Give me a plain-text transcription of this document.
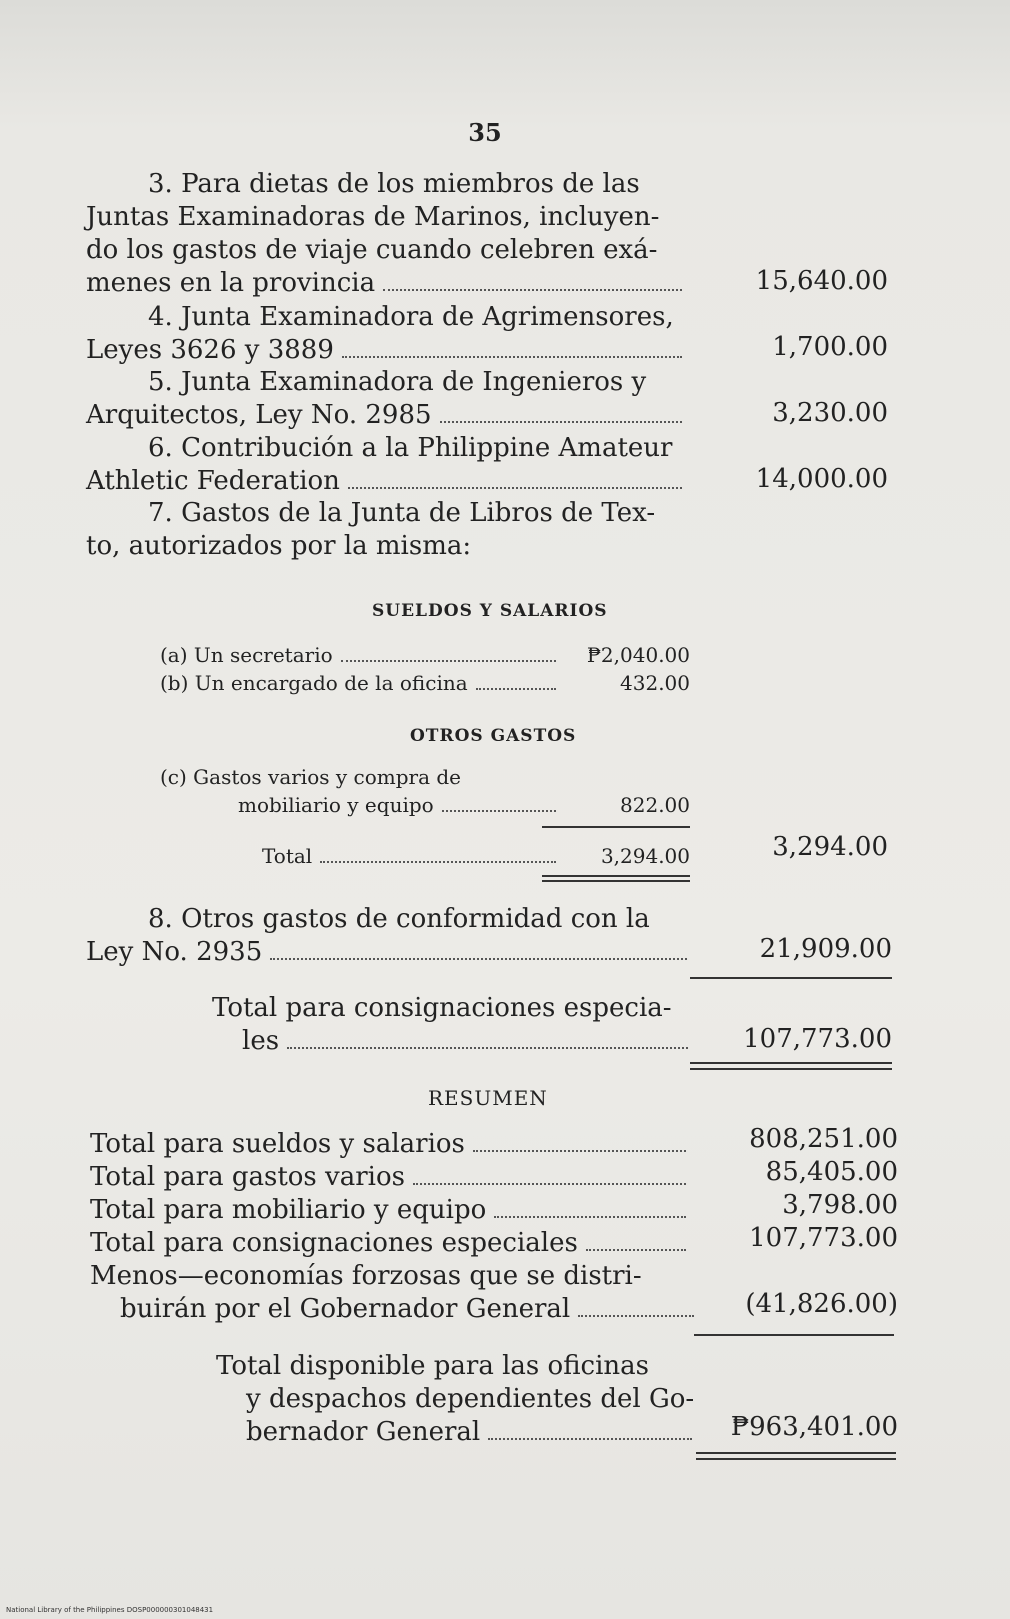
35

3. Para dietas de los miembros de las

Juntas Examinadoras de Marinos, incluyen-

do los gastos de viaje cuando celebren exá-

menes en la provincia	15,640.00

4. Junta Examinadora de Agrimensores,

Leyes 3626 y 3889	1,700.00

5. Junta Examinadora de Ingenieros y

Arquitectos, Ley No. 2985	3,230.00

6. Contribución a la Philippine Amateur

Athletic Federation	14,000.00

7. Gastos de la Junta de Libros de Tex-

to, autorizados por la misma:

SUELDOS Y SALARIOS
(a) Un secretario	₱2,040.00
(b) Un encargado de la oficina	432.00
OTROS GASTOS
(c) Gastos varios y compra de
mobiliario y equipo	822.00
Total	3,294.00	3,294.00

8. Otros gastos de conformidad con la

Ley No. 2935	21,909.00

Total para consignaciones especia-

les	107,773.00
RESUMEN
Total para sueldos y salarios	808,251.00
Total para gastos varios	85,405.00
Total para mobiliario y equipo	3,798.00
Total para consignaciones especiales	107,773.00
Menos—economías forzosas que se distri-
buirán por el Gobernador General	(41,826.00)
Total disponible para las oficinas
y despachos dependientes del Go-
bernador General	₱963,401.00
National Library of the Philippines DOSP000000301048431
